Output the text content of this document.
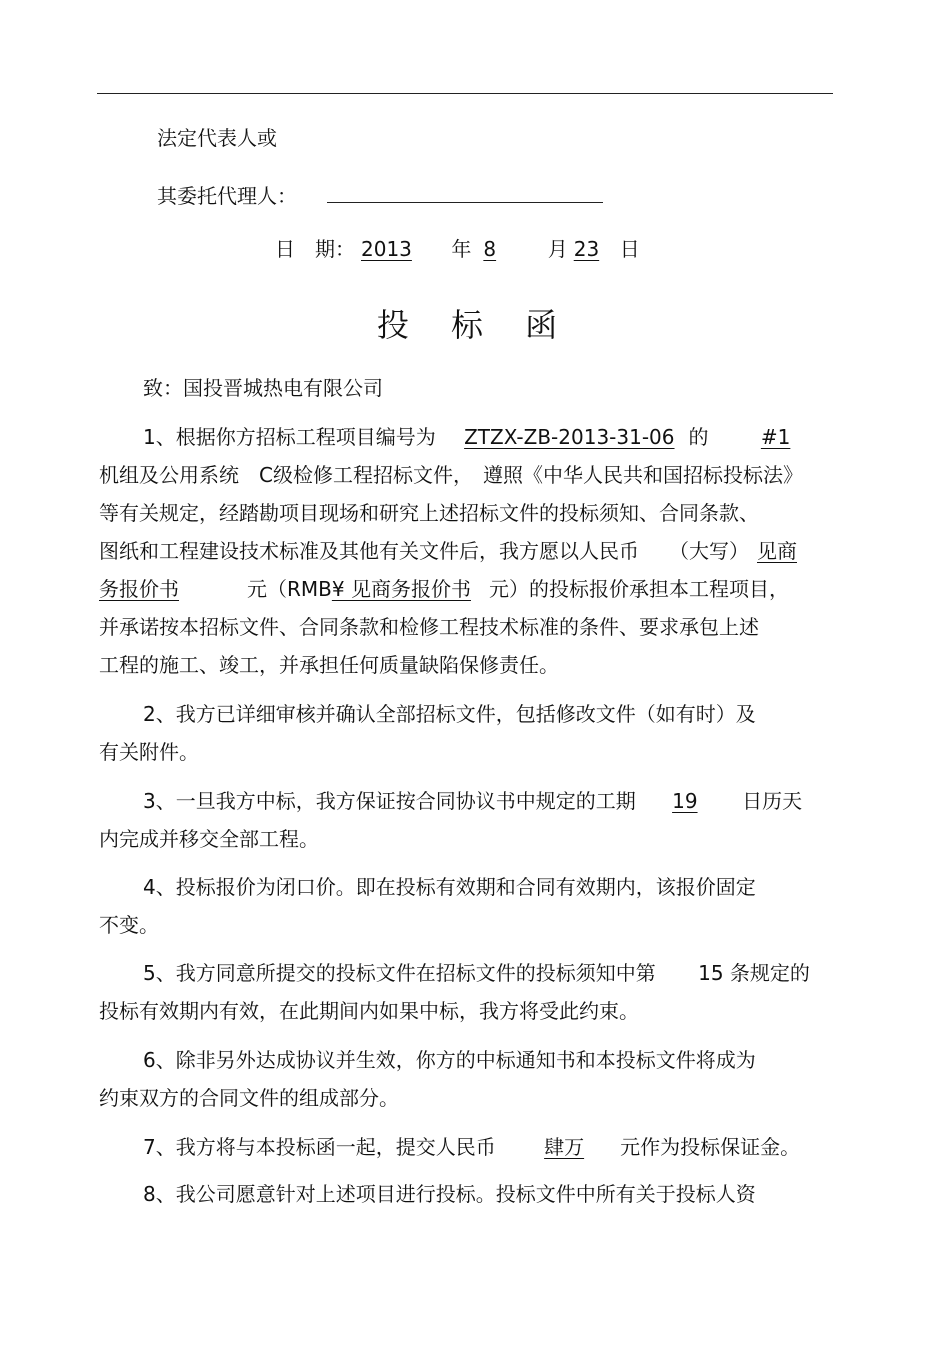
法定代表人或
其委托代理人：
日　期： 2013 年 8	月 23 日
投 标 函
致：国投晋城热电有限公司
1、根据你方招标工程项目编号为 ZTZX-ZB-2013-31-06 的	#1
机组及公用系统　C级检修工程招标文件，　遵照《中华人民共和国招标投标法》
等有关规定，经踏勘项目现场和研究上述招标文件的投标须知、合同条款、
图纸和工程建设技术标准及其他有关文件后，我方愿以人民币　　（大写） 见商
务报价书	元（RMB¥ 见商务报价书 元）的投标报价承担本工程项目，
并承诺按本招标文件、合同条款和检修工程技术标准的条件、要求承包上述
工程的施工、竣工，并承担任何质量缺陷保修责任。
2、我方已详细审核并确认全部招标文件，包括修改文件（如有时）及
有关附件。
3、一旦我方中标，我方保证按合同协议书中规定的工期 19 日历天
内完成并移交全部工程。
4、投标报价为闭口价。即在投标有效期和合同有效期内，该报价固定
不变。
5、我方同意所提交的投标文件在招标文件的投标须知中第 15 条规定的
投标有效期内有效，在此期间内如果中标，我方将受此约束。
6、除非另外达成协议并生效，你方的中标通知书和本投标文件将成为
约束双方的合同文件的组成部分。
7、我方将与本投标函一起，提交人民币 肆万 元作为投标保证金。
8、我公司愿意针对上述项目进行投标。投标文件中所有关于投标人资
